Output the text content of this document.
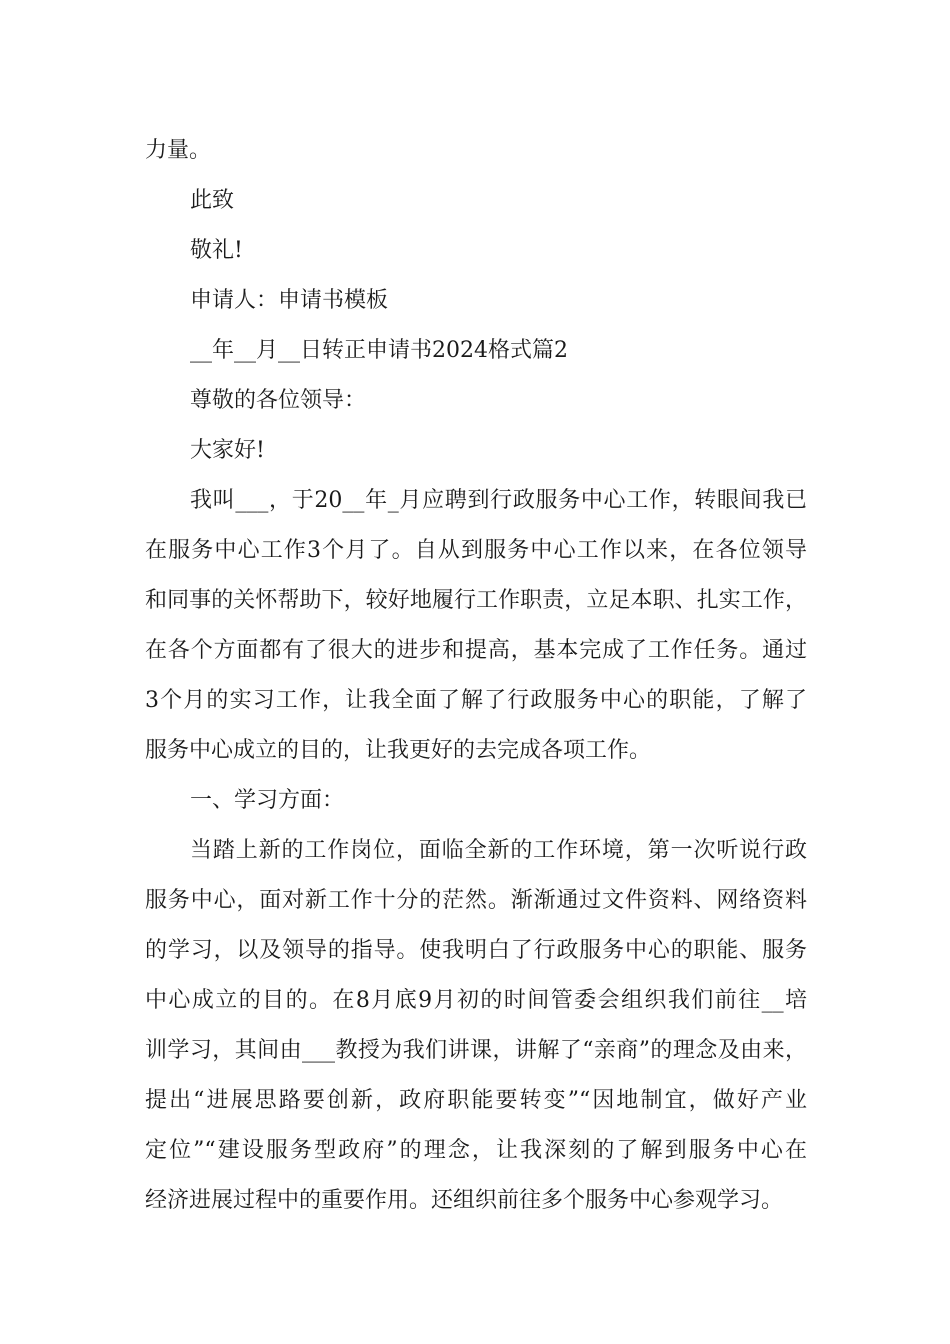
力量。
此致
敬礼!
申请人：申请书模板
__年__月__日转正申请书2024格式篇2
尊敬的各位领导：
大家好!
我叫___，于20__年_月应聘到行政服务中心工作，转眼间我已
在服务中心工作3个月了。自从到服务中心工作以来，在各位领导
和同事的关怀帮助下，较好地履行工作职责，立足本职、扎实工作，
在各个方面都有了很大的进步和提高，基本完成了工作任务。通过
3个月的实习工作，让我全面了解了行政服务中心的职能，了解了
服务中心成立的目的，让我更好的去完成各项工作。
一、学习方面：
当踏上新的工作岗位，面临全新的工作环境，第一次听说行政
服务中心，面对新工作十分的茫然。渐渐通过文件资料、网络资料
的学习，以及领导的指导。使我明白了行政服务中心的职能、服务
中心成立的目的。在8月底9月初的时间管委会组织我们前往__培
训学习，其间由___教授为我们讲课，讲解了“亲商”的理念及由来，
提出“进展思路要创新，政府职能要转变”“因地制宜，做好产业
定位”“建设服务型政府”的理念，让我深刻的了解到服务中心在
经济进展过程中的重要作用。还组织前往多个服务中心参观学习。
